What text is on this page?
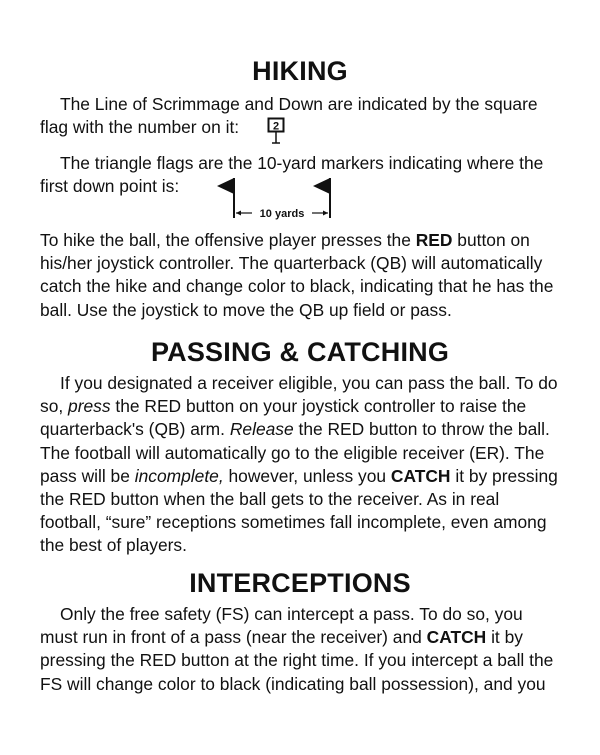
HIKING

The Line of Scrimmage and Down are indicated by the square flag with the number on it:	2

The triangle flags are the 10-yard markers indicating where the first down point is:

10 yards

To hike the ball, the offensive player presses the RED button on his/her joystick controller. The quarterback (QB) will automatically catch the hike and change color to black, indicating that he has the ball. Use the joystick to move the QB up field or pass.

PASSING & CATCHING

If you designated a receiver eligible, you can pass the ball. To do so, press the RED button on your joystick controller to raise the quarterback's (QB) arm. Release the RED button to throw the ball. The football will automatically go to the eligible receiver (ER). The pass will be incomplete, however, unless you CATCH it by pressing the RED button when the ball gets to the receiver. As in real football, “sure” receptions sometimes fall incomplete, even among the best of players.

INTERCEPTIONS

Only the free safety (FS) can intercept a pass. To do so, you must run in front of a pass (near the receiver) and CATCH it by pressing the RED button at the right time. If you intercept a ball the FS will change color to black (indicating ball possession), and you
